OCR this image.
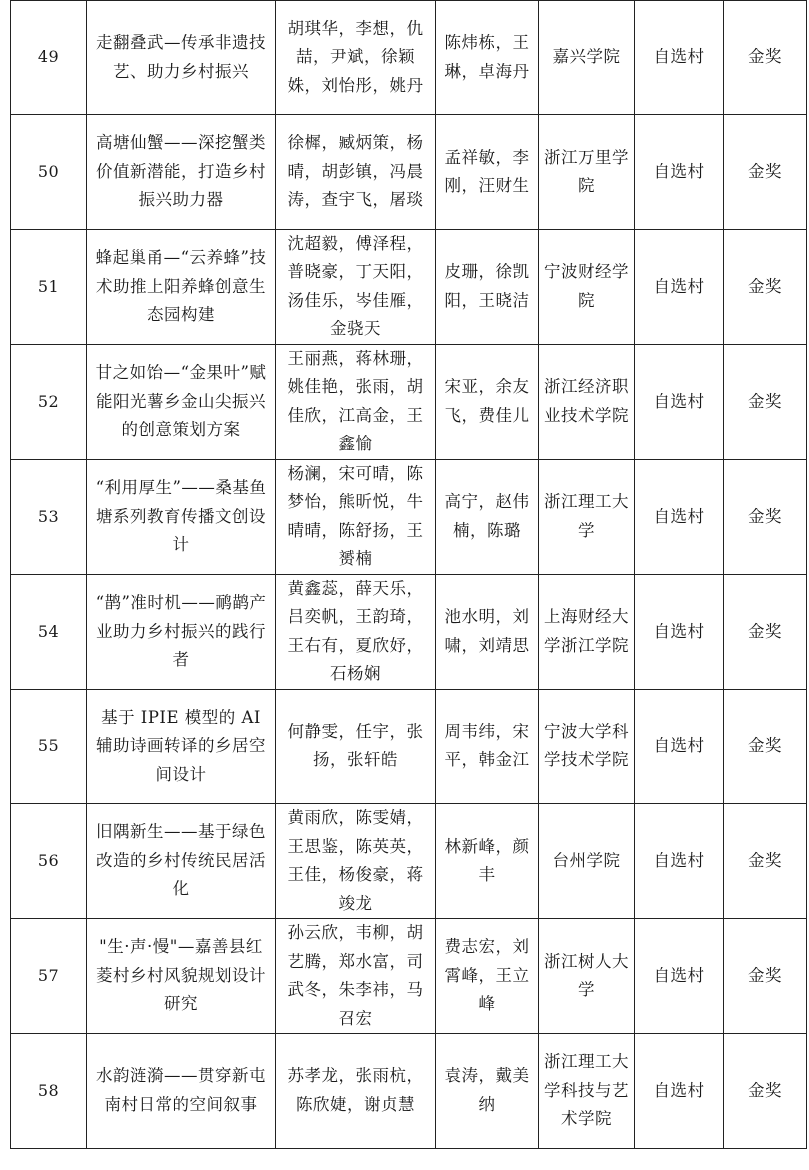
49	走翻叠武—传承非遗技艺、助力乡村振兴	胡琪华，李想，仇喆，尹斌，徐颖姝，刘怡彤，姚丹	陈炜栋，王琳，卓海丹	嘉兴学院	自选村	金奖
50	高塘仙蟹——深挖蟹类价值新潜能，打造乡村振兴助力器	徐樨，臧炳策，杨晴，胡彭镇，冯晨涛，查宇飞，屠琰	孟祥敏，李刚，汪财生	浙江万里学院	自选村	金奖
51	蜂起巢甬—“云养蜂”技术助推上阳养蜂创意生态园构建	沈超毅，傅泽程，普晓豪，丁天阳，汤佳乐，岑佳雁，金骁天	皮珊，徐凯阳，王晓洁	宁波财经学院	自选村	金奖
52	甘之如饴—“金果叶”赋能阳光薯乡金山尖振兴的创意策划方案	王丽燕，蒋林珊，姚佳艳，张雨，胡佳欣，江高金，王鑫愉	宋亚，余友飞，费佳儿	浙江经济职业技术学院	自选村	金奖
53	“利用厚生”——桑基鱼塘系列教育传播文创设计	杨澜，宋可晴，陈梦怡，熊昕悦，牛晴晴，陈舒扬，王赟楠	高宁，赵伟楠，陈璐	浙江理工大学	自选村	金奖
54	“鹊”准时机——鸸鹋产业助力乡村振兴的践行者	黄鑫蕊，薛天乐，吕奕帆，王韵琦，王右有，夏欣妤，石杨娴	池水明，刘啸，刘靖思	上海财经大学浙江学院	自选村	金奖
55	基于 IPIE 模型的 AI 辅助诗画转译的乡居空间设计	何静雯，任宇，张扬，张轩皓	周韦纬，宋平，韩金江	宁波大学科学技术学院	自选村	金奖
56	旧隅新生——基于绿色改造的乡村传统民居活化	黄雨欣，陈雯婧，王思鉴，陈英英，王佳，杨俊豪，蒋竣龙	林新峰，颜丰	台州学院	自选村	金奖
57	"生·声·慢"—嘉善县红菱村乡村风貌规划设计研究	孙云欣，韦柳，胡艺腾，郑水富，司武冬，朱李祎，马召宏	费志宏，刘霄峰，王立峰	浙江树人大学	自选村	金奖
58	水韵涟漪——贯穿新屯南村日常的空间叙事	苏孝龙，张雨杭，陈欣婕，谢贞慧	袁涛，戴美纳	浙江理工大学科技与艺术学院	自选村	金奖
